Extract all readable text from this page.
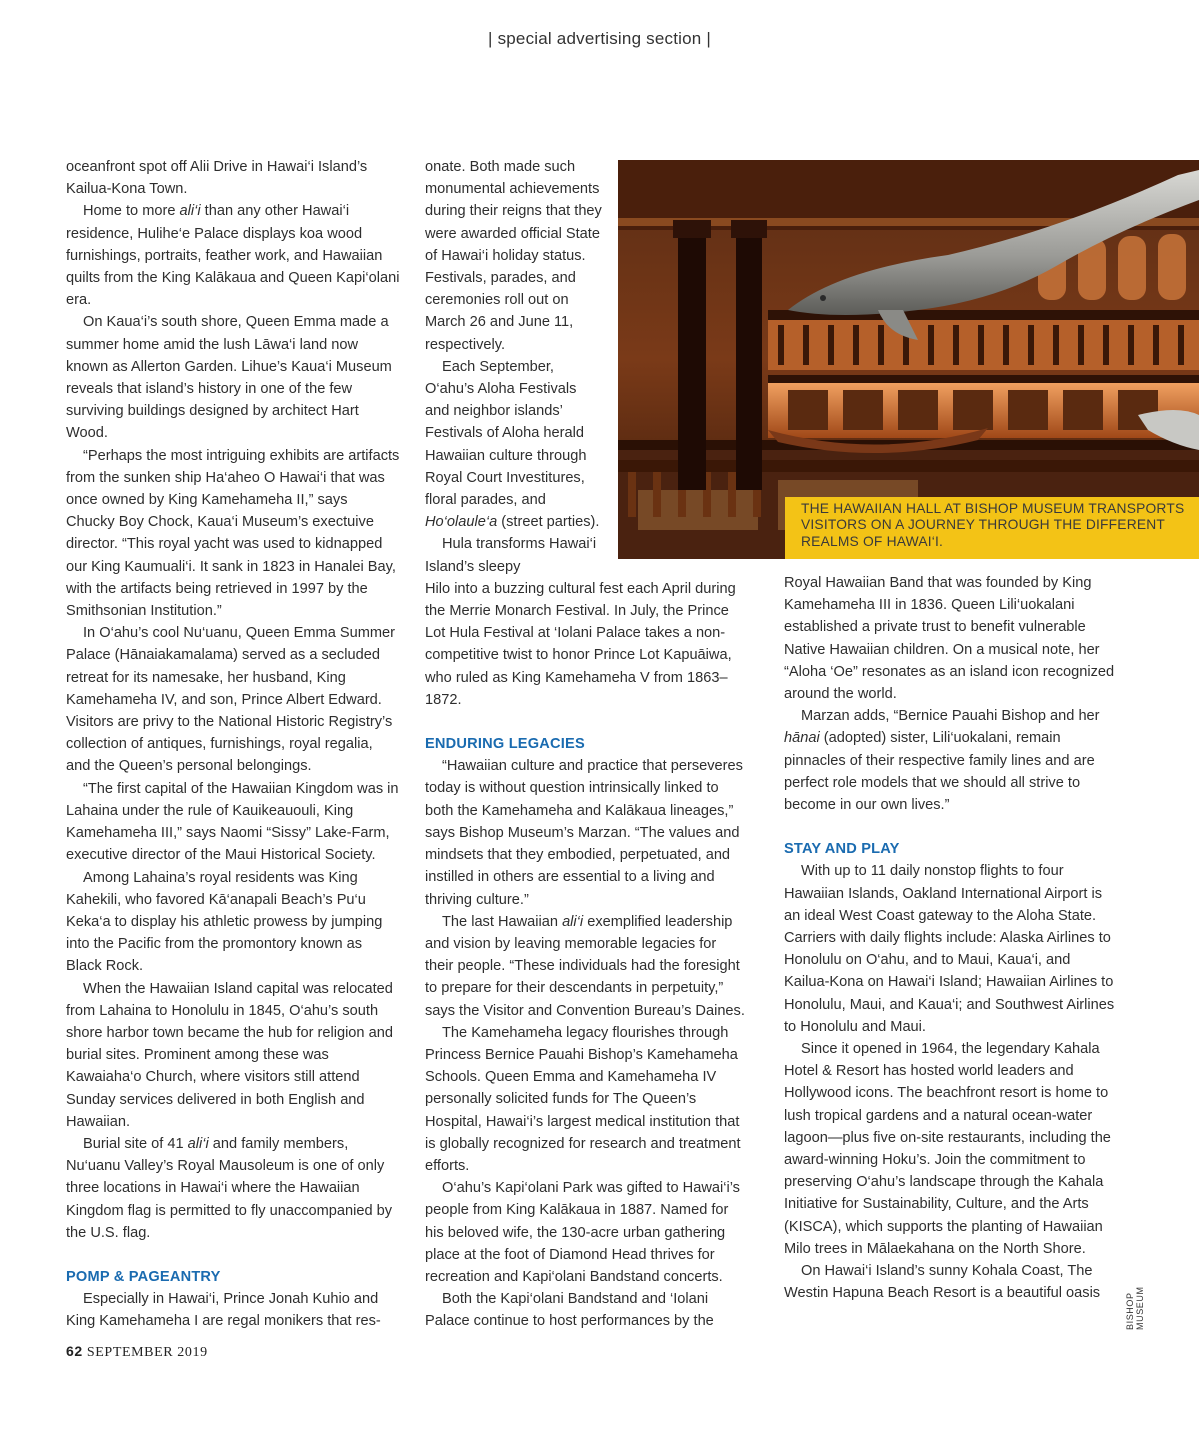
| special advertising section |

oceanfront spot off Alii Drive in Hawai‘i Island’s Kailua-Kona Town.

Home to more ali‘i than any other Hawai‘i residence, Hulihe‘e Palace displays koa wood furnishings, portraits, feather work, and Hawaiian quilts from the King Kalākaua and Queen Kapi‘olani era.

On Kaua‘i’s south shore, Queen Emma made a summer home amid the lush Lāwa‘i land now known as Allerton Garden. Lihue’s Kaua‘i Museum reveals that island’s history in one of the few surviving buildings designed by architect Hart Wood.

“Perhaps the most intriguing exhibits are artifacts from the sunken ship Ha‘aheo O Hawai‘i that was once owned by King Kamehameha II,” says Chucky Boy Chock, Kaua‘i Museum’s exectuive director. “This royal yacht was used to kidnapped our King Kaumuali‘i. It sank in 1823 in Hanalei Bay, with the artifacts being retrieved in 1997 by the Smithsonian Institution.”

In O‘ahu’s cool Nu‘uanu, Queen Emma Summer Palace (Hānaiakamalama) served as a secluded retreat for its namesake, her husband, King Kamehameha IV, and son, Prince Albert Edward. Visitors are privy to the National Historic Registry’s collection of antiques, furnishings, royal regalia, and the Queen’s personal belongings.

“The first capital of the Hawaiian Kingdom was in Lahaina under the rule of Kauikeauouli, King Kamehameha III,” says Naomi “Sissy” Lake-Farm, executive director of the Maui Historical Society.

Among Lahaina’s royal residents was King Kahekili, who favored Kā‘anapali Beach’s Pu‘u Keka‘a to display his athletic prowess by jumping into the Pacific from the promontory known as Black Rock.

When the Hawaiian Island capital was relocated from Lahaina to Honolulu in 1845, O‘ahu’s south shore harbor town became the hub for religion and burial sites. Prominent among these was Kawaiaha‘o Church, where visitors still attend Sunday services delivered in both English and Hawaiian.

Burial site of 41 ali‘i and family members, Nu‘uanu Valley’s Royal Mausoleum is one of only three locations in Hawai‘i where the Hawaiian Kingdom flag is permitted to fly unaccompanied by the U.S. flag.

POMP & PAGEANTRY

Especially in Hawai‘i, Prince Jonah Kuhio and King Kamehameha I are regal monikers that res-

onate. Both made such monumental achievements during their reigns that they were awarded official State of Hawai‘i holiday status. Festivals, parades, and ceremonies roll out on March 26 and June 11, respectively.

Each September, O‘ahu’s Aloha Festivals and neighbor islands’ Festivals of Aloha herald Hawaiian culture through Royal Court Investitures, floral parades, and Ho‘olaule‘a (street parties).

Hula transforms Hawai‘i Island’s sleepy

Hilo into a buzzing cultural fest each April during the Merrie Monarch Festival. In July, the Prince Lot Hula Festival at ‘Iolani Palace takes a non-competitive twist to honor Prince Lot Kapuāiwa, who ruled as King Kamehameha V from 1863–1872.

ENDURING LEGACIES

“Hawaiian culture and practice that perseveres today is without question intrinsically linked to both the Kamehameha and Kalākaua lineages,” says Bishop Museum’s Marzan. “The values and mindsets that they embodied, perpetuated, and instilled in others are essential to a living and thriving culture.”

The last Hawaiian ali‘i exemplified leadership and vision by leaving memorable legacies for their people. “These individuals had the foresight to prepare for their descendants in perpetuity,” says the Visitor and Convention Bureau’s Daines.

The Kamehameha legacy flourishes through Princess Bernice Pauahi Bishop’s Kamehameha Schools. Queen Emma and Kamehameha IV personally solicited funds for The Queen’s Hospital, Hawai‘i’s largest medical institution that is globally recognized for research and treatment efforts.

O‘ahu’s Kapi‘olani Park was gifted to Hawai‘i’s people from King Kalākaua in 1887. Named for his beloved wife, the 130-acre urban gathering place at the foot of Diamond Head thrives for recreation and Kapi‘olani Bandstand concerts.

Both the Kapi‘olani Bandstand and ‘Iolani Palace continue to host performances by the

THE HAWAIIAN HALL AT BISHOP MUSEUM TRANSPORTS VISITORS ON A JOURNEY THROUGH THE DIFFERENT REALMS OF HAWAI‘I.

Royal Hawaiian Band that was founded by King Kamehameha III in 1836. Queen Lili‘uokalani established a private trust to benefit vulnerable Native Hawaiian children. On a musical note, her “Aloha ‘Oe” resonates as an island icon recognized around the world.

Marzan adds, “Bernice Pauahi Bishop and her hānai (adopted) sister, Lili‘uokalani, remain pinnacles of their respective family lines and are perfect role models that we should all strive to become in our own lives.”

STAY AND PLAY

With up to 11 daily nonstop flights to four Hawaiian Islands, Oakland International Airport is an ideal West Coast gateway to the Aloha State. Carriers with daily flights include: Alaska Airlines to Honolulu on O‘ahu, and to Maui, Kaua‘i, and Kailua-Kona on Hawai‘i Island; Hawaiian Airlines to Honolulu, Maui, and Kaua‘i; and Southwest Airlines to Honolulu and Maui.

Since it opened in 1964, the legendary Kahala Hotel & Resort has hosted world leaders and Hollywood icons. The beachfront resort is home to lush tropical gardens and a natural ocean-water lagoon—plus five on-site restaurants, including the award-winning Hoku’s. Join the commitment to preserving O‘ahu’s landscape through the Kahala Initiative for Sustainability, Culture, and the Arts (KISCA), which supports the planting of Hawaiian Milo trees in Mālaekahana on the North Shore.

On Hawai‘i Island’s sunny Kohala Coast, The Westin Hapuna Beach Resort is a beautiful oasis	BISHOP MUSEUM
62 SEPTEMBER 2019
